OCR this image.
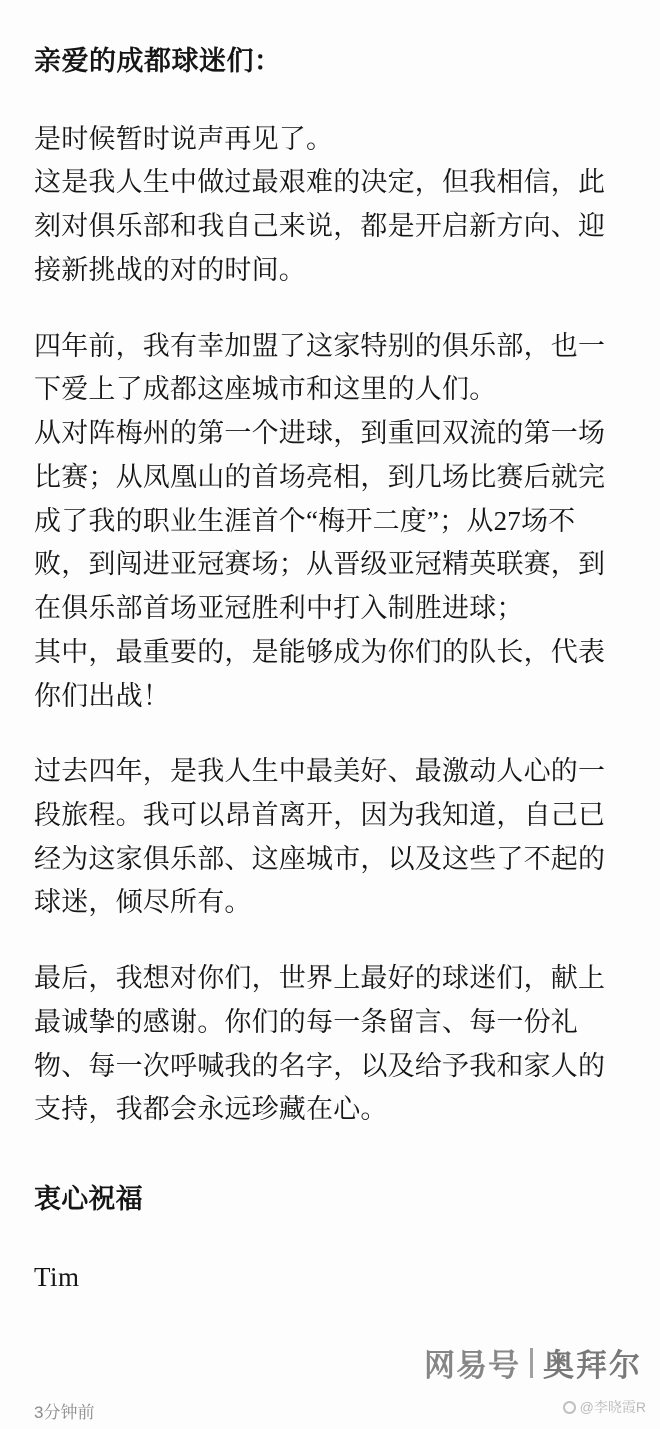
亲爱的成都球迷们：
是时候暂时说声再见了。
这是我人生中做过最艰难的决定，但我相信，此
刻对俱乐部和我自己来说，都是开启新方向、迎
接新挑战的对的时间。
四年前，我有幸加盟了这家特别的俱乐部，也一
下爱上了成都这座城市和这里的人们。
从对阵梅州的第一个进球，到重回双流的第一场
比赛；从凤凰山的首场亮相，到几场比赛后就完
成了我的职业生涯首个“梅开二度”；从27场不
败，到闯进亚冠赛场；从晋级亚冠精英联赛，到
在俱乐部首场亚冠胜利中打入制胜进球；
其中，最重要的，是能够成为你们的队长，代表
你们出战！
过去四年，是我人生中最美好、最激动人心的一
段旅程。我可以昂首离开，因为我知道，自己已
经为这家俱乐部、这座城市，以及这些了不起的
球迷，倾尽所有。
最后，我想对你们，世界上最好的球迷们，献上
最诚挚的感谢。你们的每一条留言、每一份礼
物、每一次呼喊我的名字，以及给予我和家人的
支持，我都会永远珍藏在心。
衷心祝福
Tim
3分钟前
网易号 奥拜尔
@李晓霞R
